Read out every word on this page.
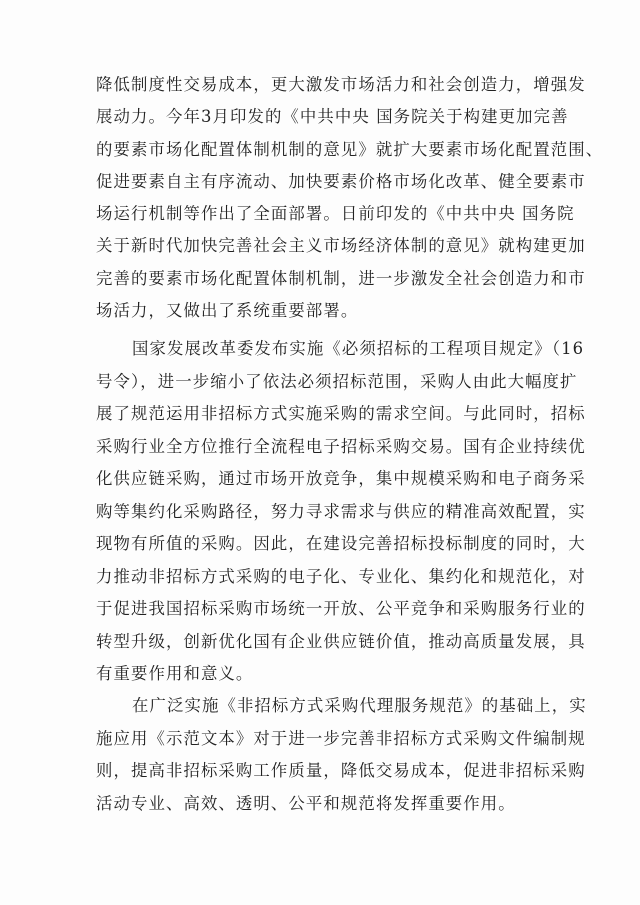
降低制度性交易成本，更大激发市场活力和社会创造力，增强发
展动力。今年3月印发的《中共中央 国务院关于构建更加完善
的要素市场化配置体制机制的意见》就扩大要素市场化配置范围、
促进要素自主有序流动、加快要素价格市场化改革、健全要素市
场运行机制等作出了全面部署。日前印发的《中共中央 国务院
关于新时代加快完善社会主义市场经济体制的意见》就构建更加
完善的要素市场化配置体制机制，进一步激发全社会创造力和市
场活力，又做出了系统重要部署。
国家发展改革委发布实施《必须招标的工程项目规定》（16
号令），进一步缩小了依法必须招标范围，采购人由此大幅度扩
展了规范运用非招标方式实施采购的需求空间。与此同时，招标
采购行业全方位推行全流程电子招标采购交易。国有企业持续优
化供应链采购，通过市场开放竞争，集中规模采购和电子商务采
购等集约化采购路径，努力寻求需求与供应的精准高效配置，实
现物有所值的采购。因此，在建设完善招标投标制度的同时，大
力推动非招标方式采购的电子化、专业化、集约化和规范化，对
于促进我国招标采购市场统一开放、公平竞争和采购服务行业的
转型升级，创新优化国有企业供应链价值，推动高质量发展，具
有重要作用和意义。
在广泛实施《非招标方式采购代理服务规范》的基础上，实
施应用《示范文本》对于进一步完善非招标方式采购文件编制规
则，提高非招标采购工作质量，降低交易成本，促进非招标采购
活动专业、高效、透明、公平和规范将发挥重要作用。
